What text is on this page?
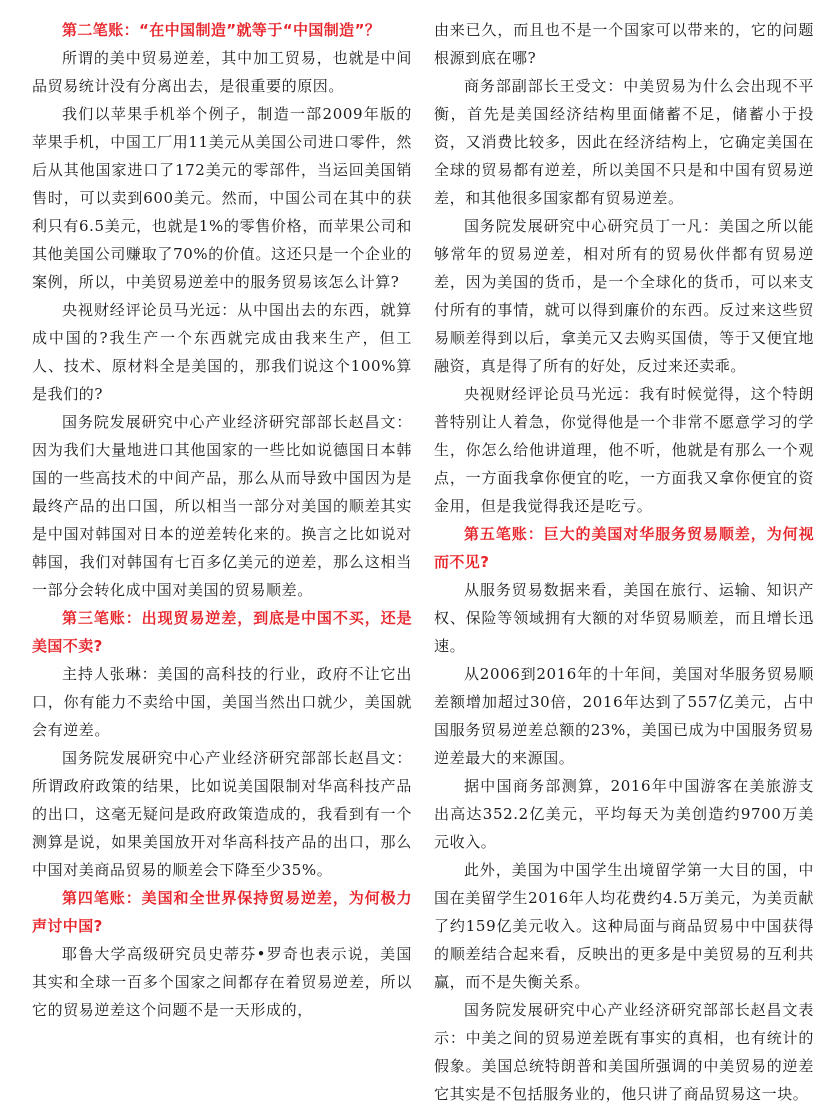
第二笔账：“在中国制造”就等于“中国制造”？

所谓的美中贸易逆差，其中加工贸易，也就是中间品贸易统计没有分离出去，是很重要的原因。

我们以苹果手机举个例子，制造一部2009年版的苹果手机，中国工厂用11美元从美国公司进口零件，然后从其他国家进口了172美元的零部件，当运回美国销售时，可以卖到600美元。然而，中国公司在其中的获利只有6.5美元，也就是1%的零售价格，而苹果公司和其他美国公司赚取了70%的价值。这还只是一个企业的案例，所以，中美贸易逆差中的服务贸易该怎么计算?

央视财经评论员马光远：从中国出去的东西，就算成中国的?我生产一个东西就完成由我来生产，但工人、技术、原材料全是美国的，那我们说这个100%算是我们的?

国务院发展研究中心产业经济研究部部长赵昌文：因为我们大量地进口其他国家的一些比如说德国日本韩国的一些高技术的中间产品，那么从而导致中国因为是最终产品的出口国，所以相当一部分对美国的顺差其实是中国对韩国对日本的逆差转化来的。换言之比如说对韩国，我们对韩国有七百多亿美元的逆差，那么这相当一部分会转化成中国对美国的贸易顺差。

第三笔账：出现贸易逆差，到底是中国不买，还是美国不卖?

主持人张琳：美国的高科技的行业，政府不让它出口，你有能力不卖给中国，美国当然出口就少，美国就会有逆差。

国务院发展研究中心产业经济研究部部长赵昌文：所谓政府政策的结果，比如说美国限制对华高科技产品的出口，这毫无疑问是政府政策造成的，我看到有一个测算是说，如果美国放开对华高科技产品的出口，那么中国对美商品贸易的顺差会下降至少35%。

第四笔账：美国和全世界保持贸易逆差，为何极力声讨中国?

耶鲁大学高级研究员史蒂芬•罗奇也表示说，美国其实和全球一百多个国家之间都存在着贸易逆差，所以它的贸易逆差这个问题不是一天形成的，

由来已久，而且也不是一个国家可以带来的，它的问题根源到底在哪?

商务部副部长王受文：中美贸易为什么会出现不平衡，首先是美国经济结构里面储蓄不足，储蓄小于投资，又消费比较多，因此在经济结构上，它确定美国在全球的贸易都有逆差，所以美国不只是和中国有贸易逆差，和其他很多国家都有贸易逆差。

国务院发展研究中心研究员丁一凡：美国之所以能够常年的贸易逆差，相对所有的贸易伙伴都有贸易逆差，因为美国的货币，是一个全球化的货币，可以来支付所有的事情，就可以得到廉价的东西。反过来这些贸易顺差得到以后，拿美元又去购买国债，等于又便宜地融资，真是得了所有的好处，反过来还卖乖。

央视财经评论员马光远：我有时候觉得，这个特朗普特别让人着急，你觉得他是一个非常不愿意学习的学生，你怎么给他讲道理，他不听，他就是有那么一个观点，一方面我拿你便宜的吃，一方面我又拿你便宜的资金用，但是我觉得我还是吃亏。

第五笔账：巨大的美国对华服务贸易顺差，为何视而不见?

从服务贸易数据来看，美国在旅行、运输、知识产权、保险等领域拥有大额的对华贸易顺差，而且增长迅速。

从2006到2016年的十年间，美国对华服务贸易顺差额增加超过30倍，2016年达到了557亿美元，占中国服务贸易逆差总额的23%，美国已成为中国服务贸易逆差最大的来源国。

据中国商务部测算，2016年中国游客在美旅游支出高达352.2亿美元，平均每天为美创造约9700万美元收入。

此外，美国为中国学生出境留学第一大目的国，中国在美留学生2016年人均花费约4.5万美元，为美贡献了约159亿美元收入。这种局面与商品贸易中中国获得的顺差结合起来看，反映出的更多是中美贸易的互利共赢，而不是失衡关系。

国务院发展研究中心产业经济研究部部长赵昌文表示：中美之间的贸易逆差既有事实的真相，也有统计的假象。美国总统特朗普和美国所强调的中美贸易的逆差它其实是不包括服务业的，他只讲了商品贸易这一块。
